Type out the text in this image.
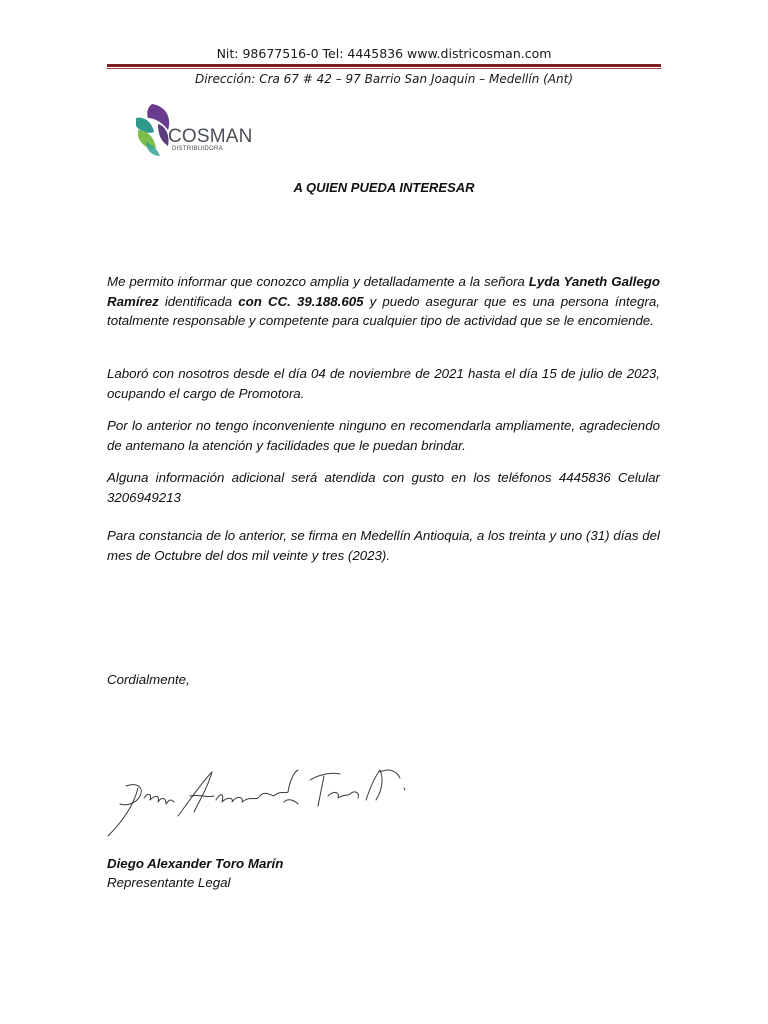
Nit: 98677516-0 Tel: 4445836 www.districosman.com
Dirección: Cra 67 # 42 – 97 Barrio San Joaquin – Medellín (Ant)
COSMAN
DISTRIBUIDORA
A QUIEN PUEDA INTERESAR
Me permito informar que conozco amplia y detalladamente a la señora Lyda Yaneth Gallego Ramírez identificada con CC. 39.188.605 y puedo asegurar que es una persona íntegra, totalmente responsable y competente para cualquier tipo de actividad que se le encomiende.
Laboró con nosotros desde el día 04 de noviembre de 2021 hasta el día 15 de julio de 2023, ocupando el cargo de Promotora.
Por lo anterior no tengo inconveniente ninguno en recomendarla ampliamente, agradeciendo de antemano la atención y facilidades que le puedan brindar.
Alguna información adicional será atendida con gusto en los teléfonos 4445836 Celular 3206949213
Para constancia de lo anterior, se firma en Medellín Antioquia, a los treinta y uno (31) días del mes de Octubre del dos mil veinte y tres (2023).
Cordialmente,
Diego Alexander Toro Marín
Representante Legal
